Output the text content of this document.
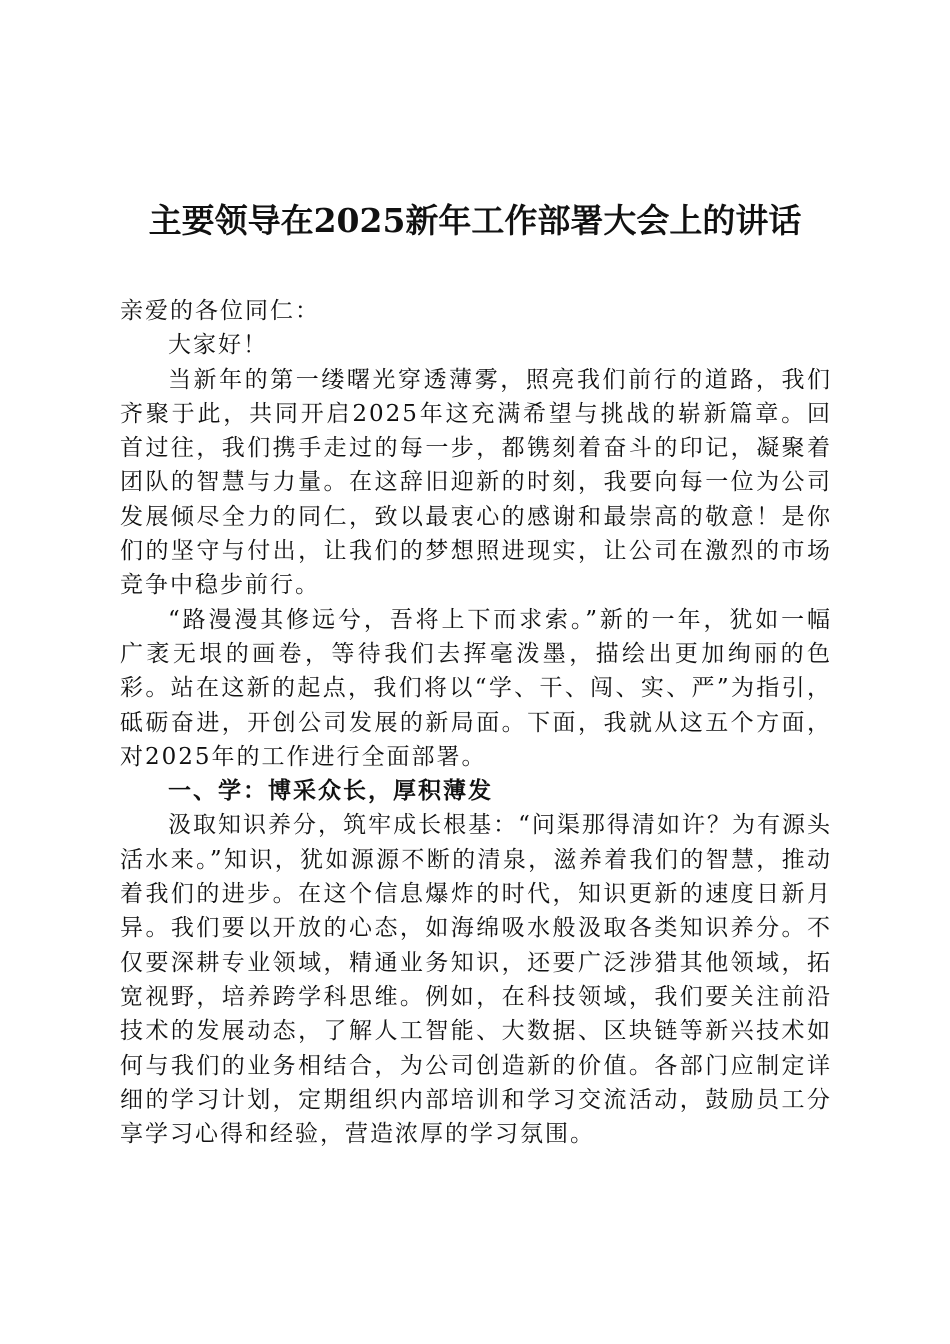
主要领导在2025新年工作部署大会上的讲话

亲爱的各位同仁：

大家好！

当新年的第一缕曙光穿透薄雾，照亮我们前行的道路，我们齐聚于此，共同开启2025年这充满希望与挑战的崭新篇章。回首过往，我们携手走过的每一步，都镌刻着奋斗的印记，凝聚着团队的智慧与力量。在这辞旧迎新的时刻，我要向每一位为公司发展倾尽全力的同仁，致以最衷心的感谢和最崇高的敬意！是你们的坚守与付出，让我们的梦想照进现实，让公司在激烈的市场竞争中稳步前行。

“路漫漫其修远兮，吾将上下而求索。”新的一年，犹如一幅广袤无垠的画卷，等待我们去挥毫泼墨，描绘出更加绚丽的色彩。站在这新的起点，我们将以“学、干、闯、实、严”为指引，砥砺奋进，开创公司发展的新局面。下面，我就从这五个方面，对2025年的工作进行全面部署。

一、学：博采众长，厚积薄发

汲取知识养分，筑牢成长根基：“问渠那得清如许？为有源头活水来。”知识，犹如源源不断的清泉，滋养着我们的智慧，推动着我们的进步。在这个信息爆炸的时代，知识更新的速度日新月异。我们要以开放的心态，如海绵吸水般汲取各类知识养分。不仅要深耕专业领域，精通业务知识，还要广泛涉猎其他领域，拓宽视野，培养跨学科思维。例如，在科技领域，我们要关注前沿技术的发展动态，了解人工智能、大数据、区块链等新兴技术如何与我们的业务相结合，为公司创造新的价值。各部门应制定详细的学习计划，定期组织内部培训和学习交流活动，鼓励员工分享学习心得和经验，营造浓厚的学习氛围。
